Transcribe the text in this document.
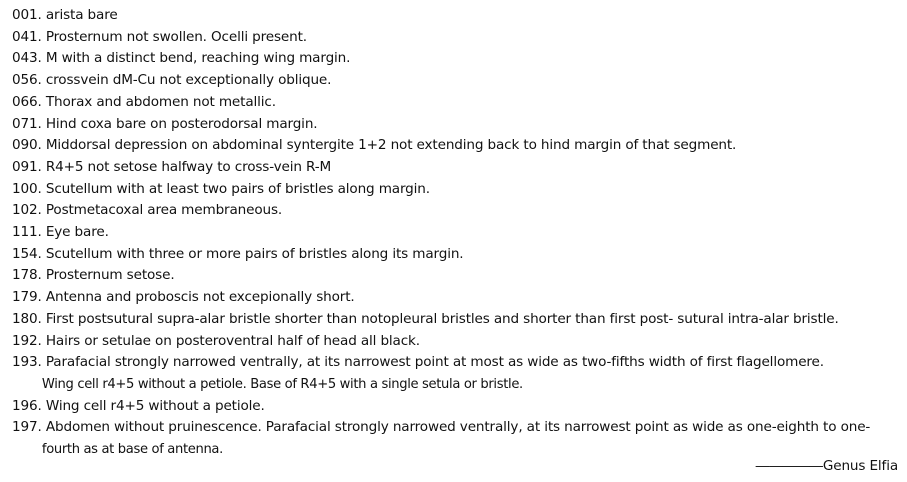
001. arista bare
041. Prosternum not swollen. Ocelli present.
043. M with a distinct bend, reaching wing margin.
056. crossvein dM-Cu not exceptionally oblique.
066. Thorax and abdomen not metallic.
071. Hind coxa bare on posterodorsal margin.
090. Middorsal depression on abdominal syntergite 1+2 not extending back to hind margin of that segment.
091. R4+5 not setose halfway to cross-vein R-M
100. Scutellum with at least two pairs of bristles along margin.
102. Postmetacoxal area membraneous.
111. Eye bare.
154. Scutellum with three or more pairs of bristles along its margin.
178. Prosternum setose.
179. Antenna and proboscis not excepionally short.
180. First postsutural supra-alar bristle shorter than notopleural bristles and shorter than first post- sutural intra-alar bristle.
192. Hairs or setulae on posteroventral half of head all black.
193. Parafacial strongly narrowed ventrally, at its narrowest point at most as wide as two-fifths width of first flagellomere.
Wing cell r4+5 without a petiole. Base of R4+5 with a single setula or bristle.
196. Wing cell r4+5 without a petiole.
197. Abdomen without pruinescence. Parafacial strongly narrowed ventrally, at its narrowest point as wide as one-eighth to one-
fourth as at base of antenna.
―――――Genus Elfia
